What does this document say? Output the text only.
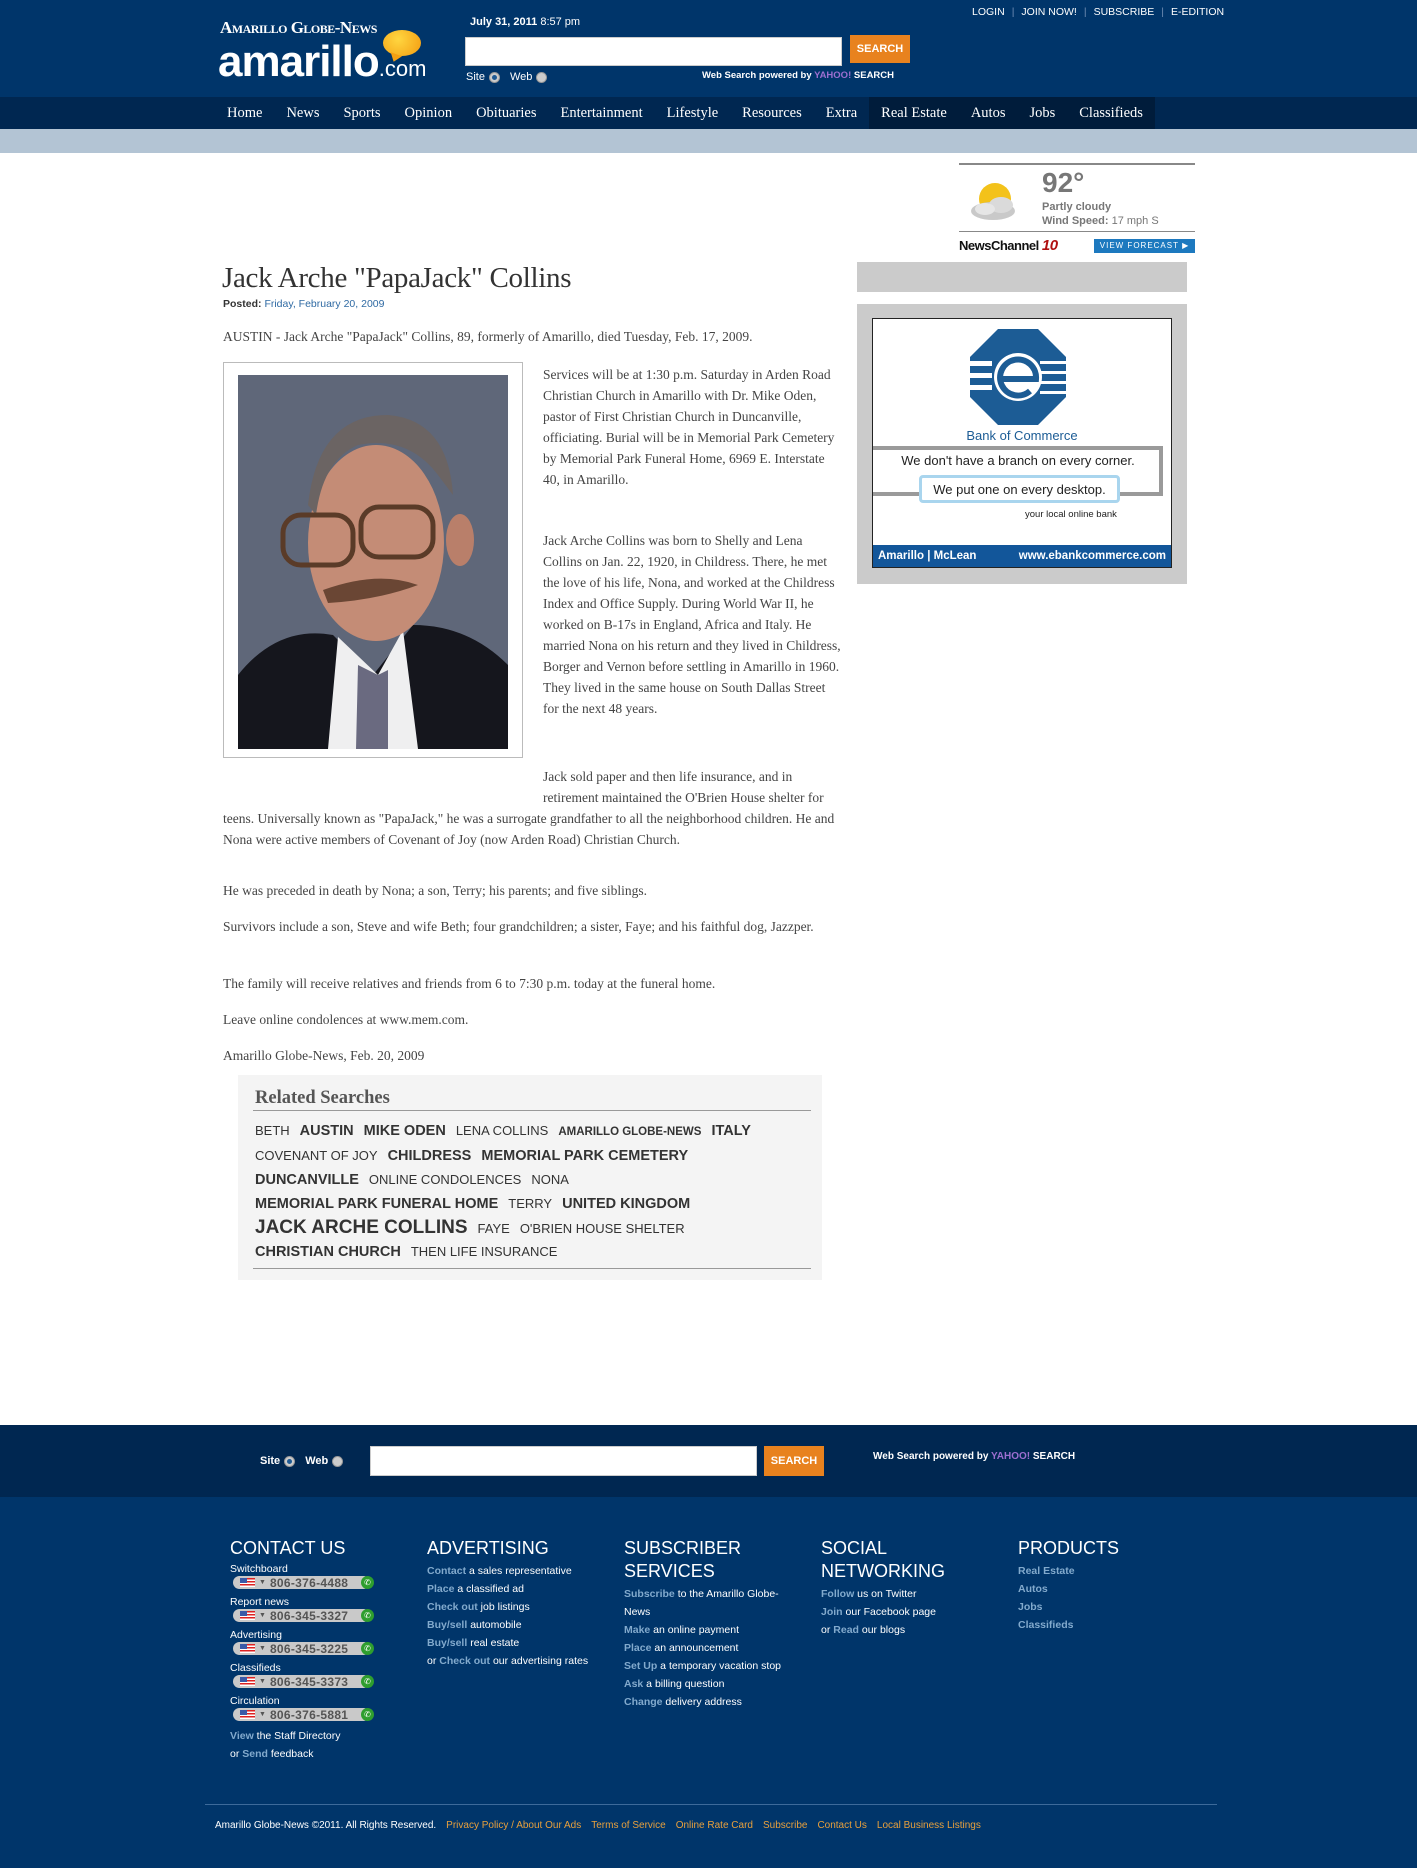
Amarillo Globe-News
amarillo.com
July 31, 2011 8:57 pm
SEARCH
Site Web	Web Search powered by YAHOO! SEARCH
LOGIN | JOIN NOW! | SUBSCRIBE | E-EDITION
Home	News	Sports	Opinion	Obituaries	Entertainment	Lifestyle	Resources	Extra	Real Estate	Autos	Jobs	Classifieds
92°
Partly cloudy
Wind Speed: 17 mph S
NewsChannel 10	VIEW FORECAST ▶
Bank of Commerce
We don't have a branch on every corner.
We put one on every desktop.
your local online bank
Amarillo | McLean	www.ebankcommerce.com
Jack Arche "PapaJack" Collins
Posted: Friday, February 20, 2009

AUSTIN - Jack Arche "PapaJack" Collins, 89, formerly of Amarillo, died Tuesday, Feb. 17, 2009.

Services will be at 1:30 p.m. Saturday in Arden Road Christian Church in Amarillo with Dr. Mike Oden, pastor of First Christian Church in Duncanville, officiating. Burial will be in Memorial Park Cemetery by Memorial Park Funeral Home, 6969 E. Interstate 40, in Amarillo.

Jack Arche Collins was born to Shelly and Lena Collins on Jan. 22, 1920, in Childress. There, he met the love of his life, Nona, and worked at the Childress Index and Office Supply. During World War II, he worked on B-17s in England, Africa and Italy. He married Nona on his return and they lived in Childress, Borger and Vernon before settling in Amarillo in 1960. They lived in the same house on South Dallas Street for the next 48 years.

Jack sold paper and then life insurance, and in retirement maintained the O'Brien House shelter for teens. Universally known as "PapaJack," he was a surrogate grandfather to all the neighborhood children. He and Nona were active members of Covenant of Joy (now Arden Road) Christian Church.

He was preceded in death by Nona; a son, Terry; his parents; and five siblings.

Survivors include a son, Steve and wife Beth; four grandchildren; a sister, Faye; and his faithful dog, Jazzper.

The family will receive relatives and friends from 6 to 7:30 p.m. today at the funeral home.

Leave online condolences at www.mem.com.

Amarillo Globe-News, Feb. 20, 2009

Related Searches
BETH AUSTIN MIKE ODEN LENA COLLINS AMARILLO GLOBE-NEWS ITALY
COVENANT OF JOY CHILDRESS MEMORIAL PARK CEMETERY
DUNCANVILLE ONLINE CONDOLENCES NONA
MEMORIAL PARK FUNERAL HOME TERRY UNITED KINGDOM
JACK ARCHE COLLINS FAYE O'BRIEN HOUSE SHELTER
CHRISTIAN CHURCH THEN LIFE INSURANCE
Site Web	SEARCH	Web Search powered by YAHOO! SEARCH
CONTACT US
Switchboard
▼ 806-376-4488	✆
Report news
▼ 806-345-3327	✆
Advertising
▼ 806-345-3225	✆
Classifieds
▼ 806-345-3373	✆
Circulation
▼ 806-376-5881	✆
View the Staff Directory
or Send feedback
ADVERTISING
Contact a sales representative
Place a classified ad
Check out job listings
Buy/sell automobile
Buy/sell real estate
or Check out our advertising rates
SUBSCRIBER
SERVICES
Subscribe to the Amarillo Globe-News
Make an online payment
Place an announcement
Set Up a temporary vacation stop
Ask a billing question
Change delivery address
SOCIAL
NETWORKING
Follow us on Twitter
Join our Facebook page
or Read our blogs
PRODUCTS
Real Estate
Autos
Jobs
Classifieds
Amarillo Globe-News ©2011. All Rights Reserved. Privacy Policy / About Our Ads Terms of Service Online Rate Card Subscribe Contact Us Local Business Listings
